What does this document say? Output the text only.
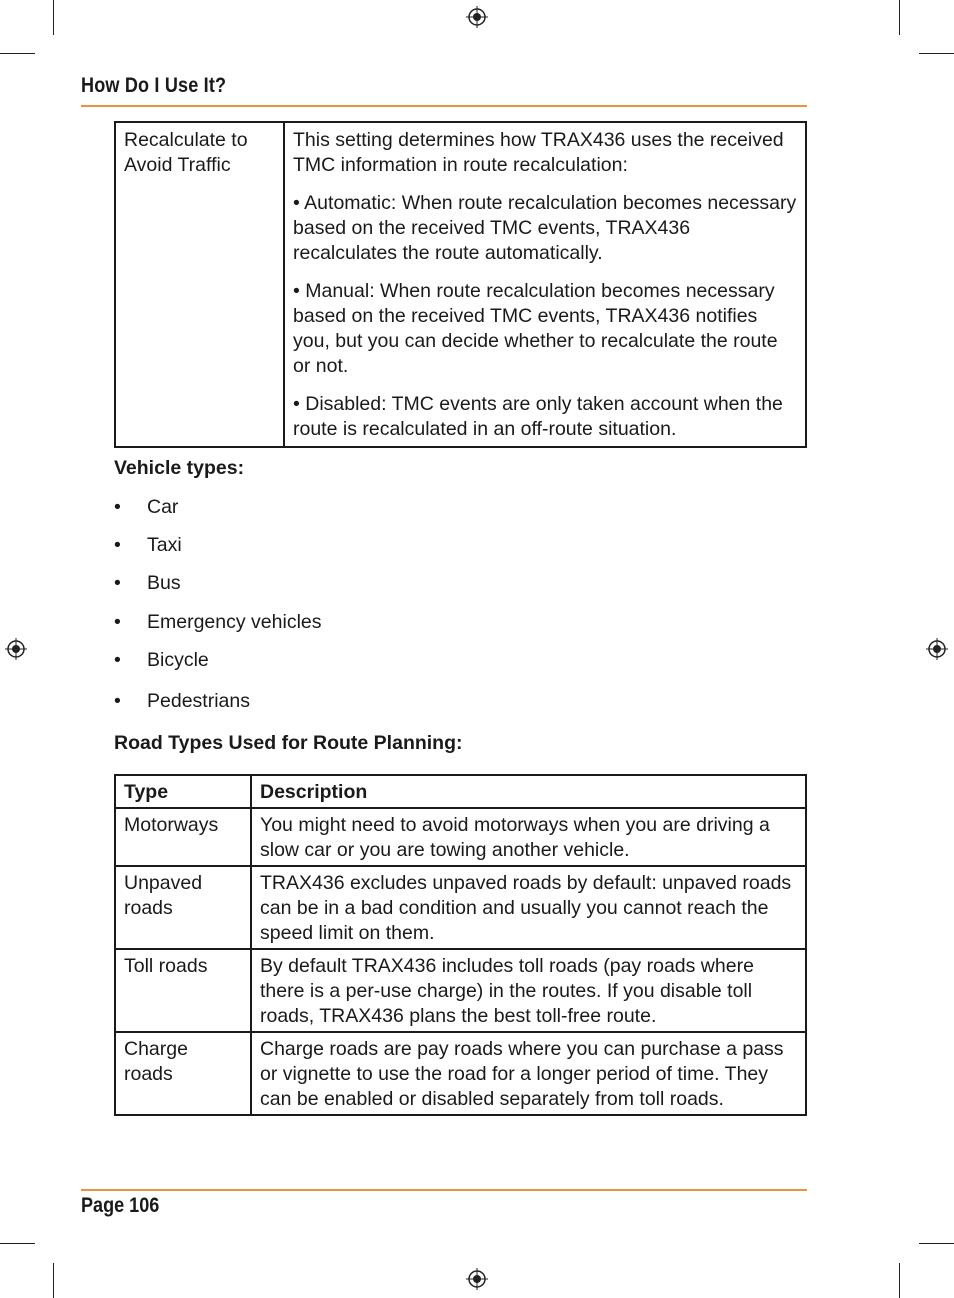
How Do I Use It?
Recalculate to Avoid Traffic	

This setting determines how TRAX436 uses the received TMC information in route recalculation:

• Automatic: When route recalculation becomes necessary based on the received TMC events, TRAX436 recalculates the route automatically.

• Manual: When route recalculation becomes necessary based on the received TMC events, TRAX436 notifies you, but you can decide whether to recalculate the route or not.

• Disabled: TMC events are only taken account when the route is recalculated in an off-route situation.

Vehicle types:
• Car
• Taxi
• Bus
• Emergency vehicles
• Bicycle
• Pedestrians
Road Types Used for Route Planning:
Type	Description
Motorways	You might need to avoid motorways when you are driving a slow car or you are towing another vehicle.
Unpaved roads	TRAX436 excludes unpaved roads by default: unpaved roads can be in a bad condition and usually you cannot reach the speed limit on them.
Toll roads	By default TRAX436 includes toll roads (pay roads where there is a per-use charge) in the routes. If you disable toll roads, TRAX436 plans the best toll-free route.
Charge roads	Charge roads are pay roads where you can purchase a pass or vignette to use the road for a longer period of time. They can be enabled or disabled separately from toll roads.
Page 106
